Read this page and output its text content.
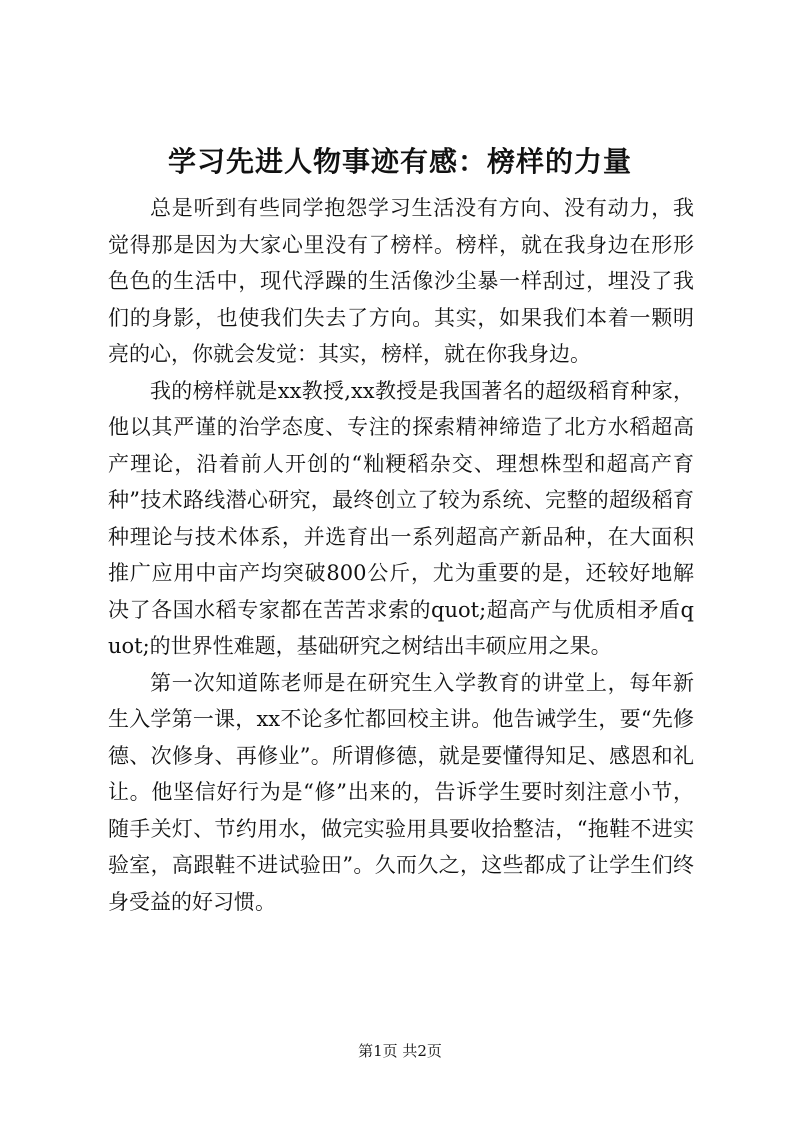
学习先进人物事迹有感：榜样的力量

总是听到有些同学抱怨学习生活没有方向、没有动力，我觉得那是因为大家心里没有了榜样。榜样，就在我身边在形形色色的生活中，现代浮躁的生活像沙尘暴一样刮过，埋没了我们的身影，也使我们失去了方向。其实，如果我们本着一颗明亮的心，你就会发觉：其实，榜样，就在你我身边。

我的榜样就是xx教授,xx教授是我国著名的超级稻育种家，他以其严谨的治学态度、专注的探索精神缔造了北方水稻超高产理论，沿着前人开创的“籼粳稻杂交、理想株型和超高产育种”技术路线潜心研究，最终创立了较为系统、完整的超级稻育种理论与技术体系，并选育出一系列超高产新品种，在大面积推广应用中亩产均突破800公斤，尤为重要的是，还较好地解决了各国水稻专家都在苦苦求索的quot;超高产与优质相矛盾quot;的世界性难题，基础研究之树结出丰硕应用之果。

第一次知道陈老师是在研究生入学教育的讲堂上，每年新生入学第一课，xx不论多忙都回校主讲。他告诫学生，要“先修德、次修身、再修业”。所谓修德，就是要懂得知足、感恩和礼让。他坚信好行为是“修”出来的，告诉学生要时刻注意小节，随手关灯、节约用水，做完实验用具要收拾整洁，“拖鞋不进实验室，高跟鞋不进试验田”。久而久之，这些都成了让学生们终身受益的好习惯。

第1页 共2页
